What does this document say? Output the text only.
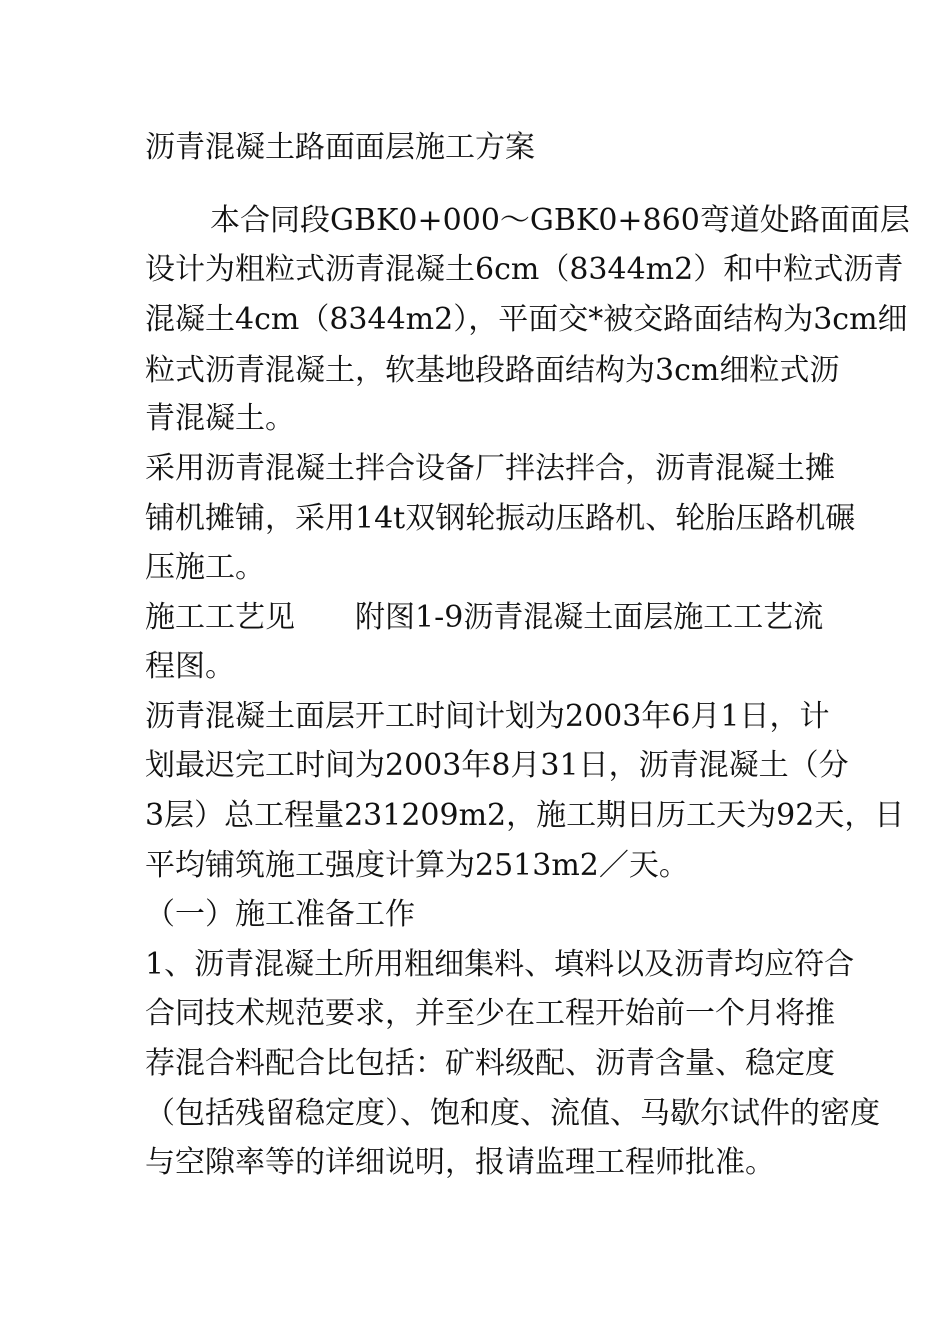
沥青混凝土路面面层施工方案
本合同段GBK0+000～GBK0+860弯道处路面面层
设计为粗粒式沥青混凝土6cm（8344m2）和中粒式沥青
混凝土4cm（8344m2），平面交*被交路面结构为3cm细
粒式沥青混凝土，软基地段路面结构为3cm细粒式沥
青混凝土。
采用沥青混凝土拌合设备厂拌法拌合，沥青混凝土摊
铺机摊铺，采用14t双钢轮振动压路机、轮胎压路机碾
压施工。
施工工艺见　　附图1-9沥青混凝土面层施工工艺流
程图。
沥青混凝土面层开工时间计划为2003年6月1日，计
划最迟完工时间为2003年8月31日，沥青混凝土（分
3层）总工程量231209m2，施工期日历工天为92天，日
平均铺筑施工强度计算为2513m2／天。
（一）施工准备工作
1、沥青混凝土所用粗细集料、填料以及沥青均应符合
合同技术规范要求，并至少在工程开始前一个月将推
荐混合料配合比包括：矿料级配、沥青含量、稳定度
（包括残留稳定度）、饱和度、流值、马歇尔试件的密度
与空隙率等的详细说明，报请监理工程师批准。
